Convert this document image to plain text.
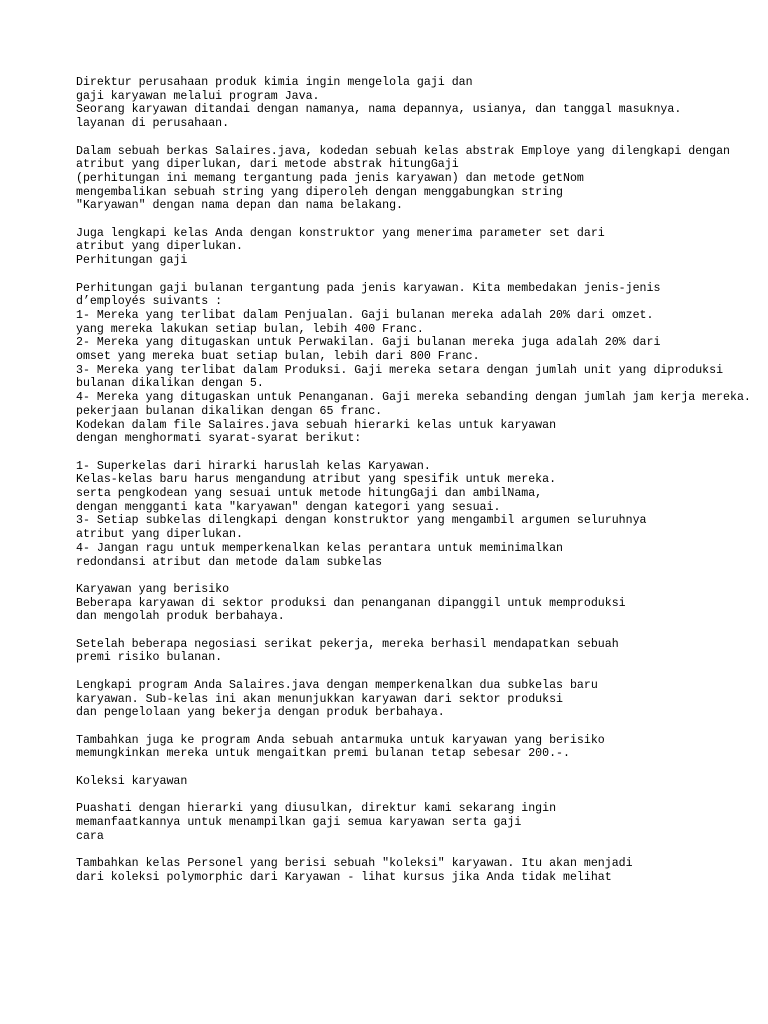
Direktur perusahaan produk kimia ingin mengelola gaji dan
gaji karyawan melalui program Java.
Seorang karyawan ditandai dengan namanya, nama depannya, usianya, dan tanggal masuknya.
layanan di perusahaan.
Dalam sebuah berkas Salaires.java, kodedan sebuah kelas abstrak Employe yang dilengkapi dengan
atribut yang diperlukan, dari metode abstrak hitungGaji
(perhitungan ini memang tergantung pada jenis karyawan) dan metode getNom
mengembalikan sebuah string yang diperoleh dengan menggabungkan string
"Karyawan" dengan nama depan dan nama belakang.
Juga lengkapi kelas Anda dengan konstruktor yang menerima parameter set dari
atribut yang diperlukan.
Perhitungan gaji
Perhitungan gaji bulanan tergantung pada jenis karyawan. Kita membedakan jenis-jenis
d’employés suivants :
1- Mereka yang terlibat dalam Penjualan. Gaji bulanan mereka adalah 20% dari omzet.
yang mereka lakukan setiap bulan, lebih 400 Franc.
2- Mereka yang ditugaskan untuk Perwakilan. Gaji bulanan mereka juga adalah 20% dari
omset yang mereka buat setiap bulan, lebih dari 800 Franc.
3- Mereka yang terlibat dalam Produksi. Gaji mereka setara dengan jumlah unit yang diproduksi
bulanan dikalikan dengan 5.
4- Mereka yang ditugaskan untuk Penanganan. Gaji mereka sebanding dengan jumlah jam kerja mereka.
pekerjaan bulanan dikalikan dengan 65 franc.
Kodekan dalam file Salaires.java sebuah hierarki kelas untuk karyawan
dengan menghormati syarat-syarat berikut:
1- Superkelas dari hirarki haruslah kelas Karyawan.
Kelas-kelas baru harus mengandung atribut yang spesifik untuk mereka.
serta pengkodean yang sesuai untuk metode hitungGaji dan ambilNama,
dengan mengganti kata "karyawan" dengan kategori yang sesuai.
3- Setiap subkelas dilengkapi dengan konstruktor yang mengambil argumen seluruhnya
atribut yang diperlukan.
4- Jangan ragu untuk memperkenalkan kelas perantara untuk meminimalkan
redondansi atribut dan metode dalam subkelas
Karyawan yang berisiko
Beberapa karyawan di sektor produksi dan penanganan dipanggil untuk memproduksi
dan mengolah produk berbahaya.
Setelah beberapa negosiasi serikat pekerja, mereka berhasil mendapatkan sebuah
premi risiko bulanan.
Lengkapi program Anda Salaires.java dengan memperkenalkan dua subkelas baru
karyawan. Sub-kelas ini akan menunjukkan karyawan dari sektor produksi
dan pengelolaan yang bekerja dengan produk berbahaya.
Tambahkan juga ke program Anda sebuah antarmuka untuk karyawan yang berisiko
memungkinkan mereka untuk mengaitkan premi bulanan tetap sebesar 200.-.
Koleksi karyawan
Puashati dengan hierarki yang diusulkan, direktur kami sekarang ingin
memanfaatkannya untuk menampilkan gaji semua karyawan serta gaji
cara
Tambahkan kelas Personel yang berisi sebuah "koleksi" karyawan. Itu akan menjadi
dari koleksi polymorphic dari Karyawan - lihat kursus jika Anda tidak melihat
